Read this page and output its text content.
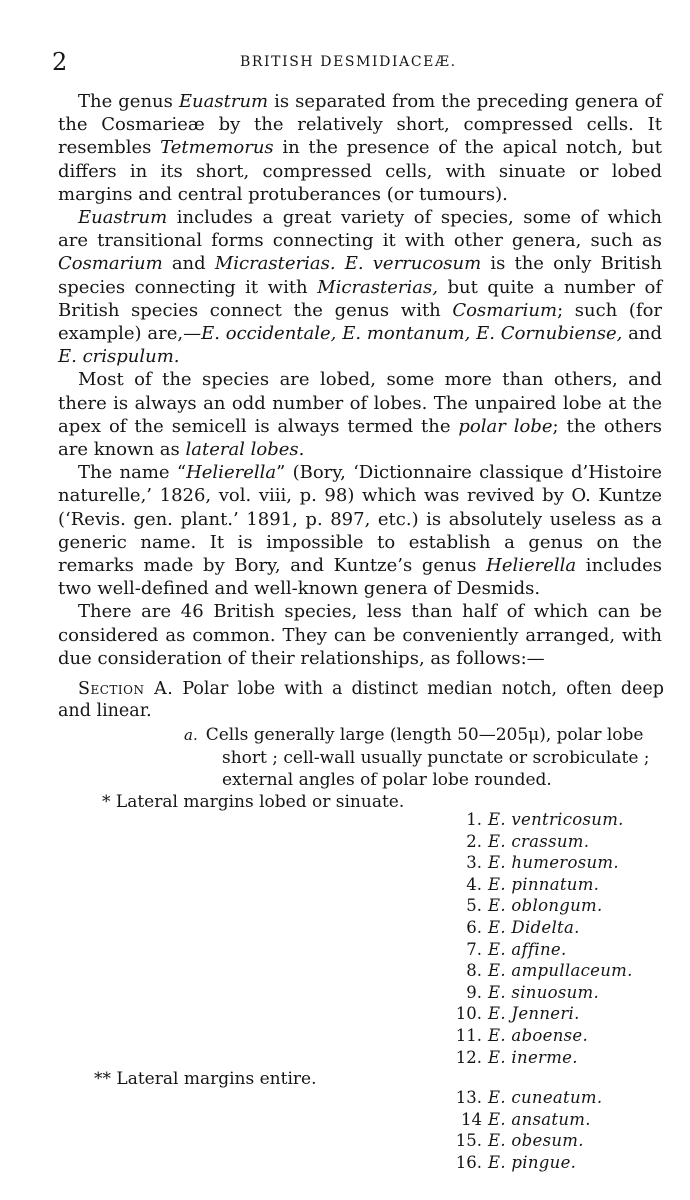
2	BRITISH DESMIDIACEÆ.

The genus Euastrum is separated from the preceding genera of the Cosmarieæ by the relatively short, compressed cells. It resembles Tetmemorus in the presence of the apical notch, but differs in its short, compressed cells, with sinuate or lobed margins and central protuberances (or tumours).

Euastrum includes a great variety of species, some of which are transitional forms connecting it with other genera, such as Cosmarium and Micrasterias. E. verrucosum is the only British species connecting it with Micrasterias, but quite a number of British species connect the genus with Cosmarium; such (for example) are,—E. occidentale, E. montanum, E. Cornubiense, and E. crispulum.

Most of the species are lobed, some more than others, and there is always an odd number of lobes. The unpaired lobe at the apex of the semicell is always termed the polar lobe; the others are known as lateral lobes.

The name “Helierella” (Bory, ‘Dictionnaire classique d’Histoire naturelle,’ 1826, vol. viii, p. 98) which was revived by O. Kuntze (‘Revis. gen. plant.’ 1891, p. 897, etc.) is absolutely useless as a generic name. It is impossible to establish a genus on the remarks made by Bory, and Kuntze’s genus Helierella includes two well-defined and well-known genera of Desmids.

There are 46 British species, less than half of which can be considered as common. They can be conveniently arranged, with due consideration of their relationships, as follows:—

Section A. Polar lobe with a distinct median notch, often deep and linear.
a. Cells generally large (length 50—205μ), polar lobe
short ; cell-wall usually punctate or scrobiculate ;
external angles of polar lobe rounded.
* Lateral margins lobed or sinuate.
1. E. ventricosum.
2. E. crassum.
3. E. humerosum.
4. E. pinnatum.
5. E. oblongum.
6. E. Didelta.
7. E. affine.
8. E. ampullaceum.
9. E. sinuosum.
10. E. Jenneri.
11. E. aboense.
12. E. inerme.
** Lateral margins entire.
13. E. cuneatum.
14 E. ansatum.
15. E. obesum.
16. E. pingue.
